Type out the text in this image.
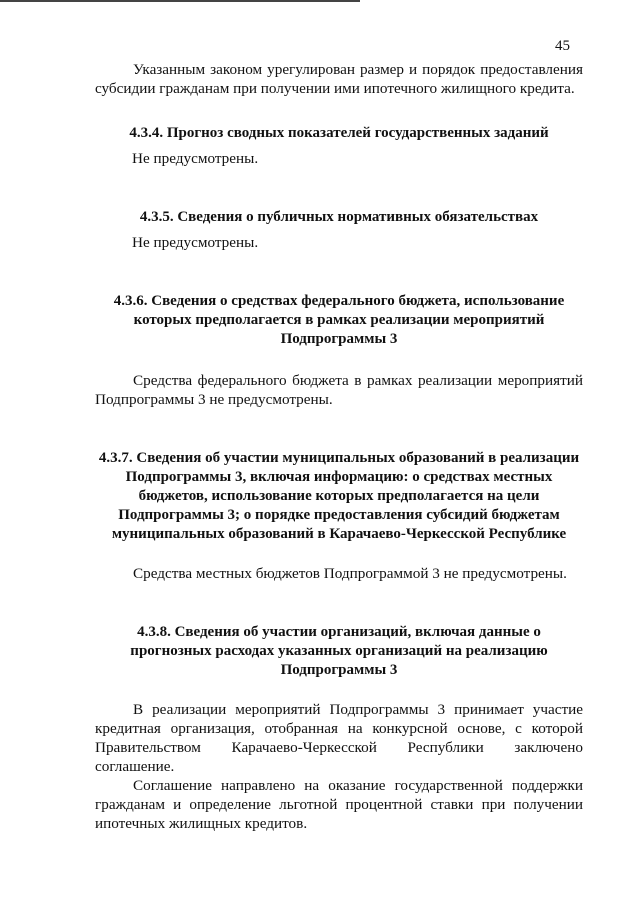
45

Указанным законом урегулирован размер и порядок предоставления субсидии гражданам при получении ими ипотечного жилищного кредита.

4.3.4. Прогноз сводных показателей государственных заданий

Не предусмотрены.

4.3.5. Сведения о публичных нормативных обязательствах

Не предусмотрены.

4.3.6. Сведения о средствах федерального бюджета, использование которых предполагается в рамках реализации мероприятий Подпрограммы 3

Средства федерального бюджета в рамках реализации мероприятий Подпрограммы 3 не предусмотрены.

4.3.7. Сведения об участии муниципальных образований в реализации Подпрограммы 3, включая информацию: о средствах местных бюджетов, использование которых предполагается на цели Подпрограммы 3; о порядке предоставления субсидий бюджетам муниципальных образований в Карачаево-Черкесской Республике

Средства местных бюджетов Подпрограммой 3 не предусмотрены.

4.3.8. Сведения об участии организаций, включая данные о прогнозных расходах указанных организаций на реализацию Подпрограммы 3

В реализации мероприятий Подпрограммы 3 принимает участие кредитная организация, отобранная на конкурсной основе, с которой Правительством Карачаево-Черкесской Республики заключено соглашение.

Соглашение направлено на оказание государственной поддержки гражданам и определение льготной процентной ставки при получении ипотечных жилищных кредитов.
